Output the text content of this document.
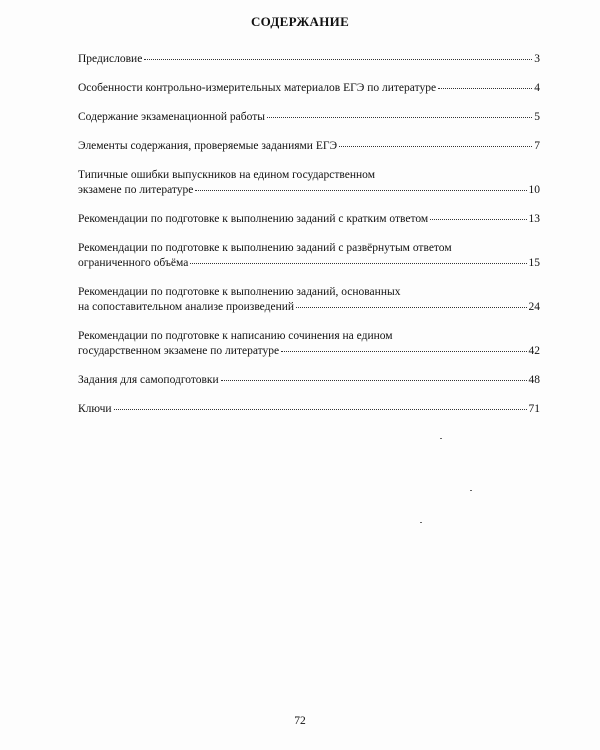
СОДЕРЖАНИЕ
Предисловие	3
Особенности контрольно-измерительных материалов ЕГЭ по литературе	4
Содержание экзаменационной работы	5
Элементы содержания, проверяемые заданиями ЕГЭ	7
Типичные ошибки выпускников на едином государственном
экзамене по литературе	10
Рекомендации по подготовке к выполнению заданий с кратким ответом	13
Рекомендации по подготовке к выполнению заданий с развёрнутым ответом
ограниченного объёма	15
Рекомендации по подготовке к выполнению заданий, основанных
на сопоставительном анализе произведений	24
Рекомендации по подготовке к написанию сочинения на едином
государственном экзамене по литературе	42
Задания для самоподготовки	48
Ключи	71
72
